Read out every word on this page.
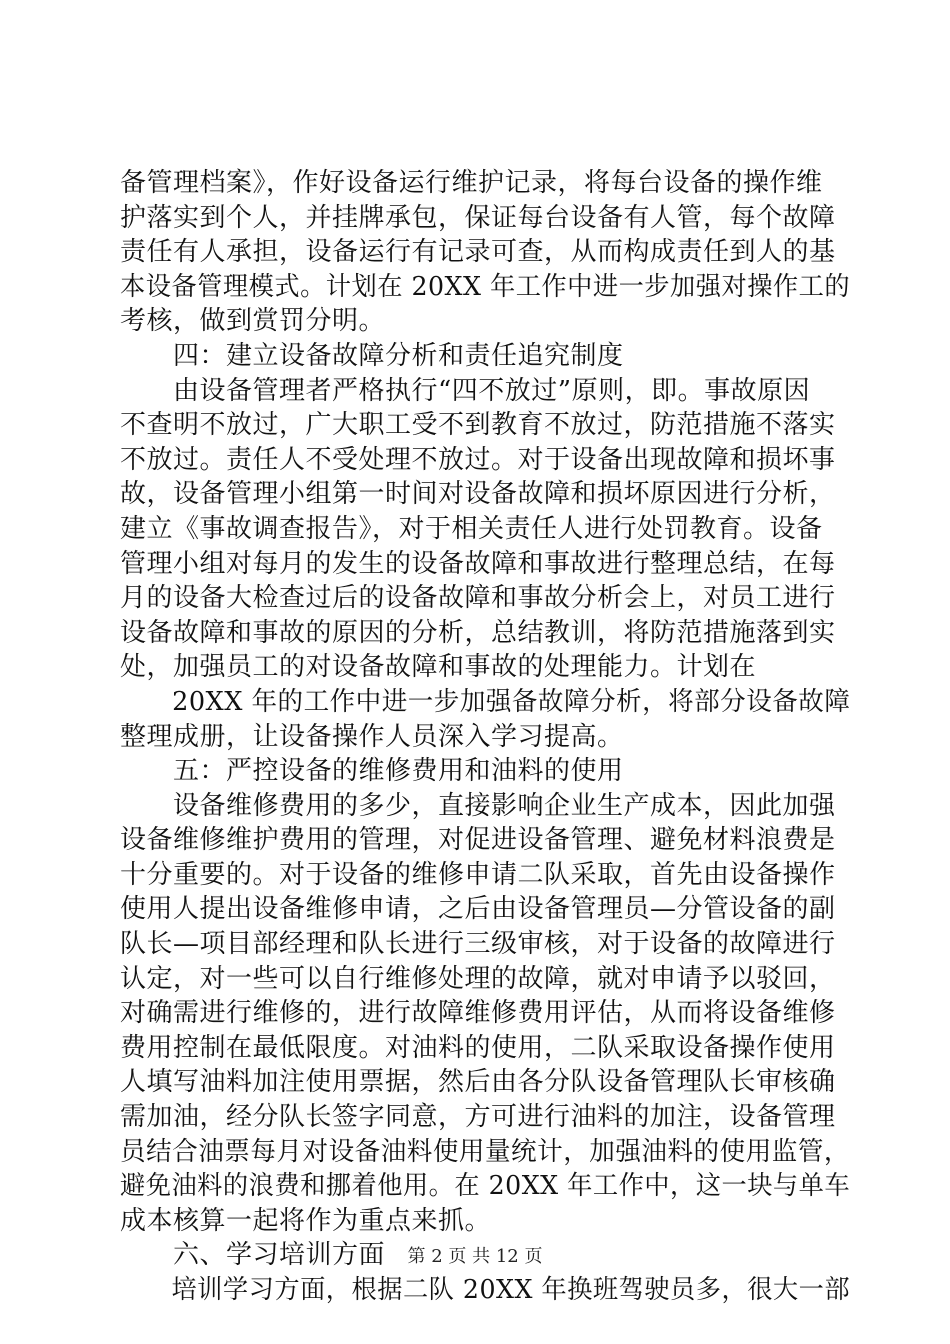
备管理档案》，作好设备运行维护记录，将每台设备的操作维
护落实到个人，并挂牌承包，保证每台设备有人管，每个故障
责任有人承担，设备运行有记录可查，从而构成责任到人的基
本设备管理模式。计划在 20XX 年工作中进一步加强对操作工的
考核，做到赏罚分明。
　　四：建立设备故障分析和责任追究制度
　　由设备管理者严格执行“四不放过”原则，即。事故原因
不查明不放过，广大职工受不到教育不放过，防范措施不落实
不放过。责任人不受处理不放过。对于设备出现故障和损坏事
故，设备管理小组第一时间对设备故障和损坏原因进行分析，
建立《事故调查报告》，对于相关责任人进行处罚教育。设备
管理小组对每月的发生的设备故障和事故进行整理总结，在每
月的设备大检查过后的设备故障和事故分析会上，对员工进行
设备故障和事故的原因的分析，总结教训，将防范措施落到实
处，加强员工的对设备故障和事故的处理能力。计划在
　　20XX 年的工作中进一步加强备故障分析，将部分设备故障
整理成册，让设备操作人员深入学习提高。
　　五：严控设备的维修费用和油料的使用
　　设备维修费用的多少，直接影响企业生产成本，因此加强
设备维修维护费用的管理，对促进设备管理、避免材料浪费是
十分重要的。对于设备的维修申请二队采取，首先由设备操作
使用人提出设备维修申请，之后由设备管理员—分管设备的副
队长—项目部经理和队长进行三级审核，对于设备的故障进行
认定，对一些可以自行维修处理的故障，就对申请予以驳回，
对确需进行维修的，进行故障维修费用评估，从而将设备维修
费用控制在最低限度。对油料的使用，二队采取设备操作使用
人填写油料加注使用票据，然后由各分队设备管理队长审核确
需加油，经分队长签字同意，方可进行油料的加注，设备管理
员结合油票每月对设备油料使用量统计，加强油料的使用监管，
避免油料的浪费和挪着他用。在 20XX 年工作中，这一块与单车
成本核算一起将作为重点来抓。
　　六、学习培训方面
　　培训学习方面，根据二队 20XX 年换班驾驶员多，很大一部
第 2 页 共 12 页
